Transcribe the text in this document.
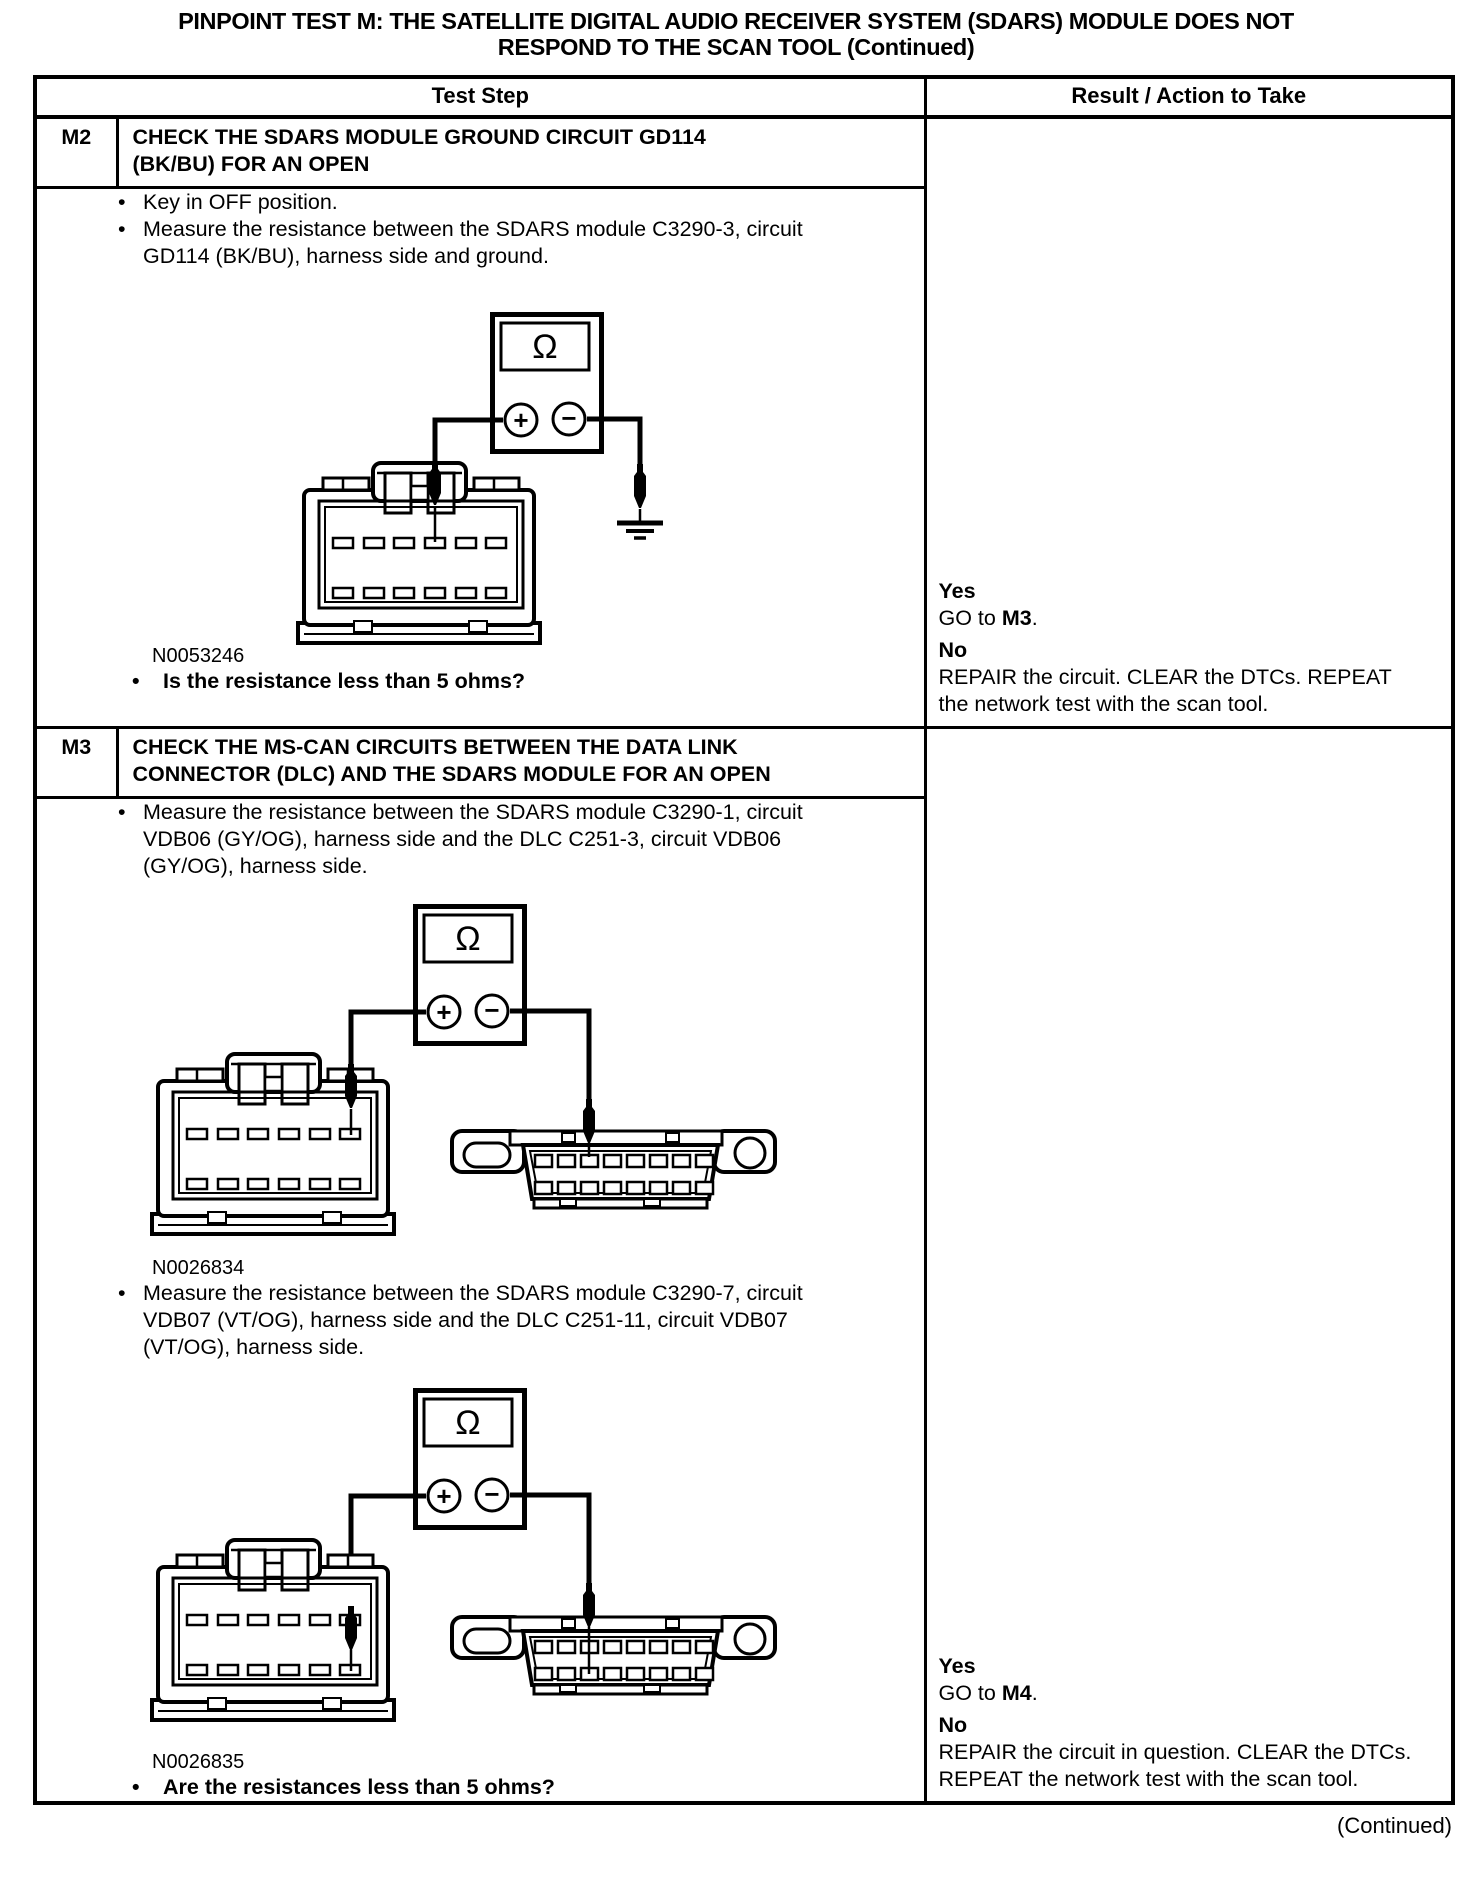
PINPOINT TEST M: THE SATELLITE DIGITAL AUDIO RECEIVER SYSTEM (SDARS) MODULE DOES NOT
RESPOND TO THE SCAN TOOL (Continued)
Test Step		Result / Action to Take
M2	CHECK THE SDARS MODULE GROUND CIRCUIT GD114 (BK/BU) FOR AN OPEN	Yes
GO to M3.
No
REPAIR the circuit. CLEAR the DTCs. REPEAT the network test with the scan tool.

• Key in OFF position.
• Measure the resistance between the SDARS module C3290-3, circuit GD114 (BK/BU), harness side and ground.
N0053246
• Is the resistance less than 5 ohms?

M3	CHECK THE MS-CAN CIRCUITS BETWEEN THE DATA LINK CONNECTOR (DLC) AND THE SDARS MODULE FOR AN OPEN	Yes
GO to M4.
No
REPAIR the circuit in question. CLEAR the DTCs. REPEAT the network test with the scan tool.

• Measure the resistance between the SDARS module C3290-1, circuit VDB06 (GY/OG), harness side and the DLC C251-3, circuit VDB06 (GY/OG), harness side.
N0026834
• Measure the resistance between the SDARS module C3290-7, circuit VDB07 (VT/OG), harness side and the DLC C251-11, circuit VDB07 (VT/OG), harness side.
N0026835
• Are the resistances less than 5 ohms?
(Continued)
